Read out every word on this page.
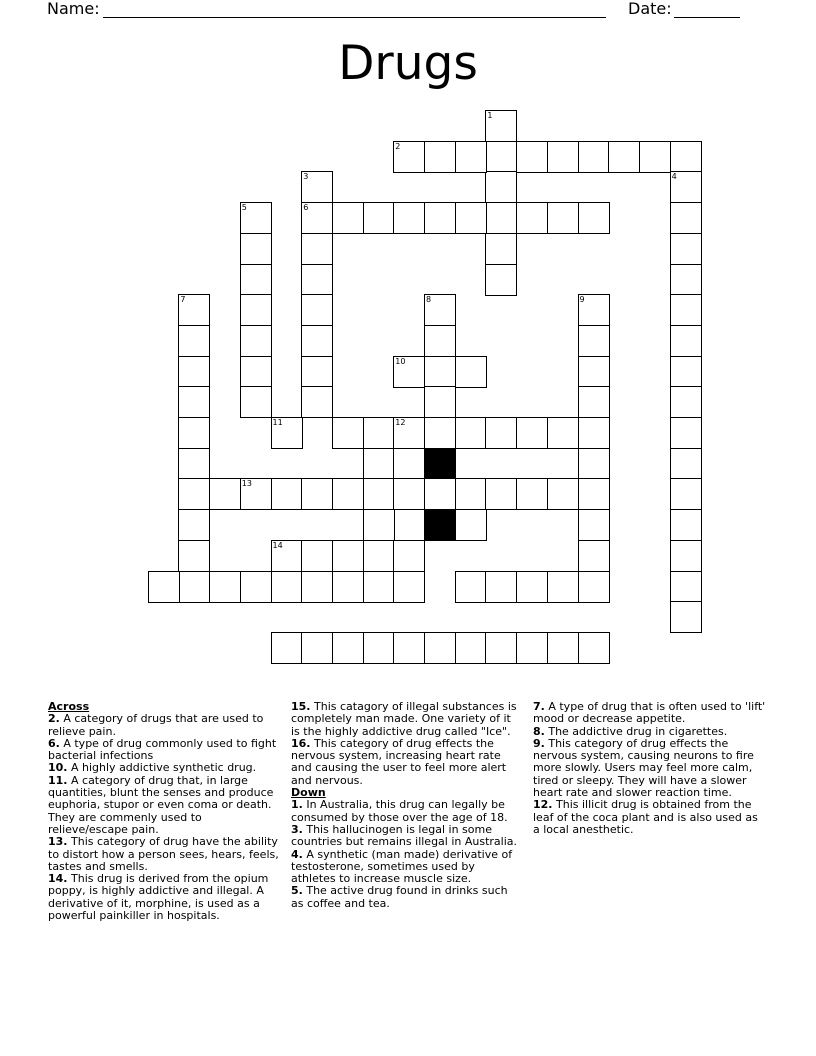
Name:	Date:
Drugs
1
2
3
6
4
5
7	8	9
10
11	12
13
14
Across
2. A category of drugs that are used to relieve pain.
6. A type of drug commonly used to fight bacterial infections
10. A highly addictive synthetic drug.
11. A category of drug that, in large quantities, blunt the senses and produce euphoria, stupor or even coma or death. They are commenly used to relieve/escape pain.
13. This category of drug have the ability to distort how a person sees, hears, feels, tastes and smells.
14. This drug is derived from the opium poppy, is highly addictive and illegal. A derivative of it, morphine, is used as a powerful painkiller in hospitals.
15. This catagory of illegal substances is completely man made. One variety of it is the highly addictive drug called "Ice".
16. This category of drug effects the nervous system, increasing heart rate and causing the user to feel more alert and nervous.
Down
1. In Australia, this drug can legally be consumed by those over the age of 18.
3. This hallucinogen is legal in some countries but remains illegal in Australia.
4. A synthetic (man made) derivative of testosterone, sometimes used by athletes to increase muscle size.
5. The active drug found in drinks such as coffee and tea.
7. A type of drug that is often used to 'lift' mood or decrease appetite.
8. The addictive drug in cigarettes.
9. This category of drug effects the nervous system, causing neurons to fire more slowly. Users may feel more calm, tired or sleepy. They will have a slower heart rate and slower reaction time.
12. This illicit drug is obtained from the leaf of the coca plant and is also used as a local anesthetic.
